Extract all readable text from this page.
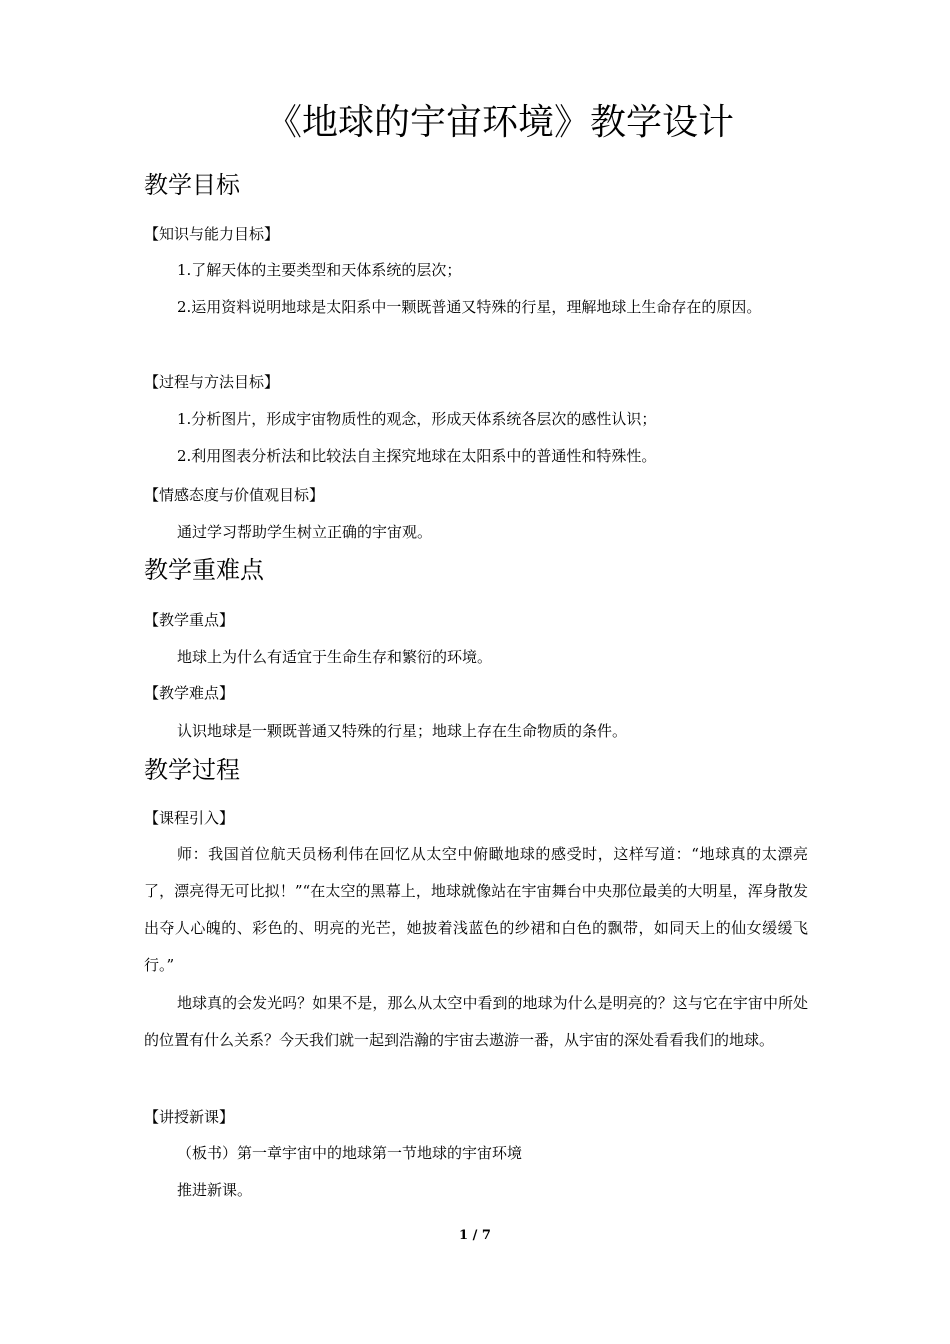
《地球的宇宙环境》教学设计
教学目标
【知识与能力目标】
1.了解天体的主要类型和天体系统的层次；
2.运用资料说明地球是太阳系中一颗既普通又特殊的行星，理解地球上生命存在的原因。
【过程与方法目标】
1.分析图片，形成宇宙物质性的观念，形成天体系统各层次的感性认识；
2.利用图表分析法和比较法自主探究地球在太阳系中的普通性和特殊性。
【情感态度与价值观目标】
通过学习帮助学生树立正确的宇宙观。
教学重难点
【教学重点】
地球上为什么有适宜于生命生存和繁衍的环境。
【教学难点】
认识地球是一颗既普通又特殊的行星；地球上存在生命物质的条件。
教学过程
【课程引入】
师：我国首位航天员杨利伟在回忆从太空中俯瞰地球的感受时，这样写道：“地球真的太漂亮了，漂亮得无可比拟！”“在太空的黑幕上，地球就像站在宇宙舞台中央那位最美的大明星，浑身散发出夺人心魄的、彩色的、明亮的光芒，她披着浅蓝色的纱裙和白色的飘带，如同天上的仙女缓缓飞行。”
地球真的会发光吗？如果不是，那么从太空中看到的地球为什么是明亮的？这与它在宇宙中所处的位置有什么关系？今天我们就一起到浩瀚的宇宙去遨游一番，从宇宙的深处看看我们的地球。
【讲授新课】
（板书）第一章宇宙中的地球第一节地球的宇宙环境
推进新课。
1 / 7
